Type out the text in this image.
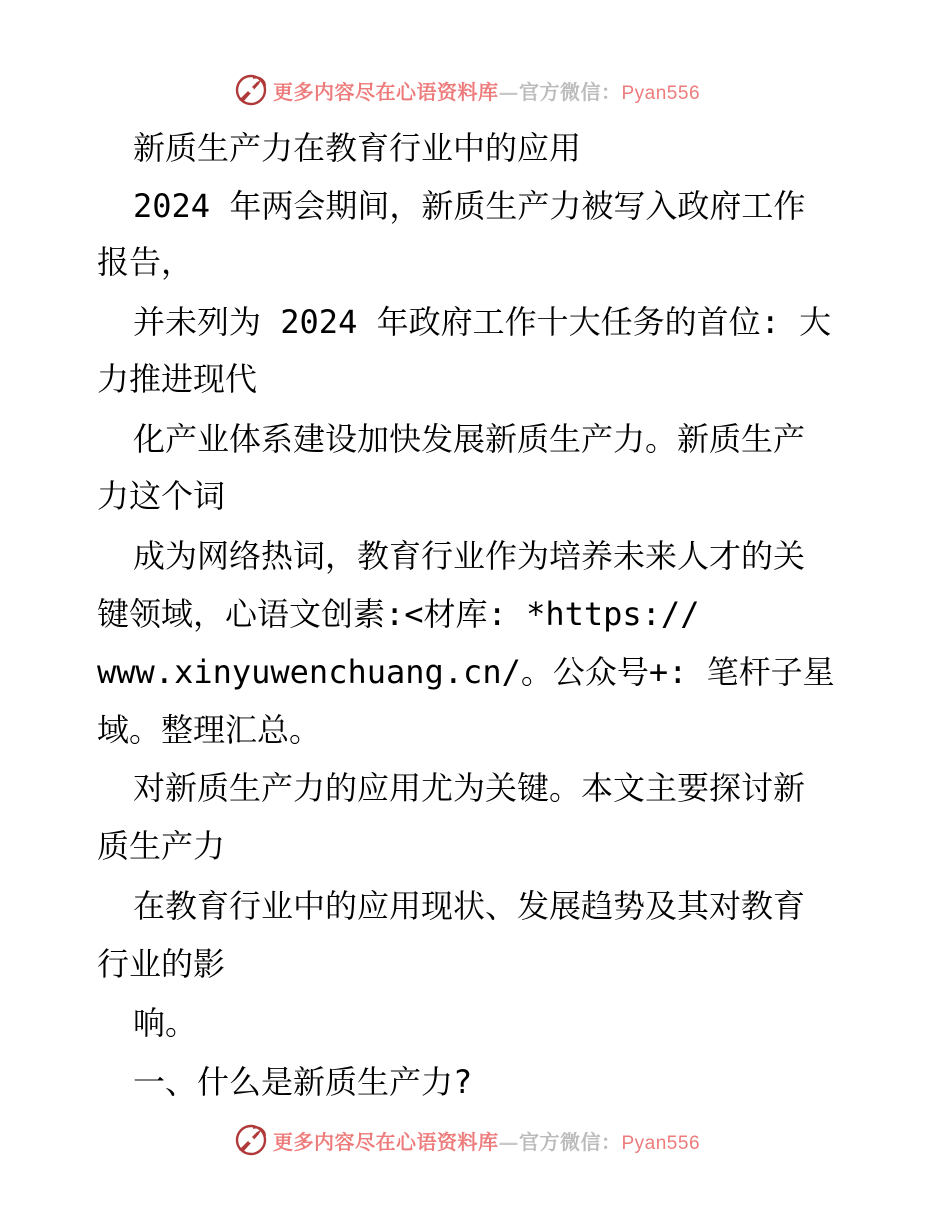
更多内容尽在心语资料库—官方微信：Pyan556
新质生产力在教育行业中的应用
2024 年两会期间，新质生产力被写入政府工作
报告，
并未列为 2024 年政府工作十大任务的首位: 大
力推进现代
化产业体系建设加快发展新质生产力。新质生产
力这个词
成为网络热词，教育行业作为培养未来人才的关
键领域，心语文创素:<材库: *https://
www.xinyuwenchuang.cn/。公众号+: 笔杆子星
域。整理汇总。
对新质生产力的应用尤为关键。本文主要探讨新
质生产力
在教育行业中的应用现状、发展趋势及其对教育
行业的影
响。
一、什么是新质生产力?
更多内容尽在心语资料库—官方微信：Pyan556
